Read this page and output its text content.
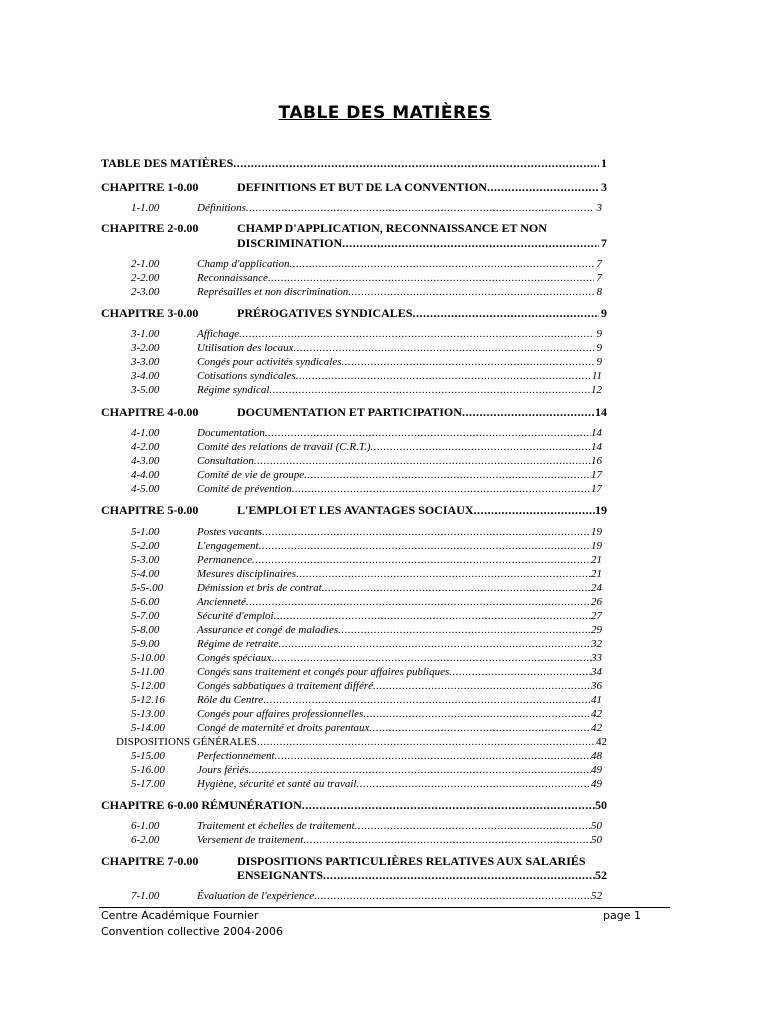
TABLE DES MATIÈRES
TABLE DES MATIÈRES .....	1
CHAPITRE 1-0.00	DEFINITIONS ET BUT DE LA CONVENTION .....	3
1-1.00	Définitions .....	3
CHAPITRE 2-0.00	CHAMP D'APPLICATION, RECONNAISSANCE ET NON
DISCRIMINATION .....	7
2-1.00	Champ d'application .....	7
2-2.00	Reconnaissance .....	7
2-3.00	Représailles et non discrimination .....	8
CHAPITRE 3-0.00	PRÉROGATIVES SYNDICALES .....	9
3-1.00	Affichage .....	9
3-2.00	Utilisation des locaux .....	9
3-3.00	Congés pour activités syndicales .....	9
3-4.00	Cotisations syndicales .....	11
3-5.00	Régime syndical .....	12
CHAPITRE 4-0.00	DOCUMENTATION ET PARTICIPATION .....	14
4-1.00	Documentation .....	14
4-2.00	Comité des relations de travail (C.R.T.) .....	14
4-3.00	Consultation .....	16
4-4.00	Comité de vie de groupe .....	17
4-5.00	Comité de prévention .....	17
CHAPITRE 5-0.00	L'EMPLOI ET LES AVANTAGES SOCIAUX .....	19
5-1.00	Postes vacants .....	19
5-2.00	L'engagement .....	19
5-3.00	Permanence .....	21
5-4.00	Mesures disciplinaires .....	21
5-5-.00	Démission et bris de contrat .....	24
5-6.00	Ancienneté .....	26
5-7.00	Sécurité d'emploi .....	27
5-8.00	Assurance et congé de maladies .....	29
5-9.00	Régime de retraite .....	32
5-10.00	Congés spéciaux .....	33
5-11.00	Congés sans traitement et congés pour affaires publiques .....	34
5-12.00	Congés sabbatiques à traitement différé .....	36
5-12.16	Rôle du Centre .....	41
5-13.00	Congés pour affaires professionnelles .....	42
5-14.00	Congé de maternité et droits parentaux .....	42
DISPOSITIONS GÉNÉRALES .....	42
5-15.00	Perfectionnement .....	48
5-16.00	Jours fériés .....	49
5-17.00	Hygiène, sécurité et santé au travail .....	49
CHAPITRE 6-0.00
RÉMUNÉRATION .....	50
6-1.00	Traitement et échelles de traitement .....	50
6-2.00	Versement de traitement .....	50
CHAPITRE 7-0.00	DISPOSITIONS PARTICULIÈRES RELATIVES AUX SALARIÉS
ENSEIGNANTS .....	52
7-1.00	Évaluation de l'expérience .....	52
Centre Académique Fournier
Convention collective 2004-2006
page 1
